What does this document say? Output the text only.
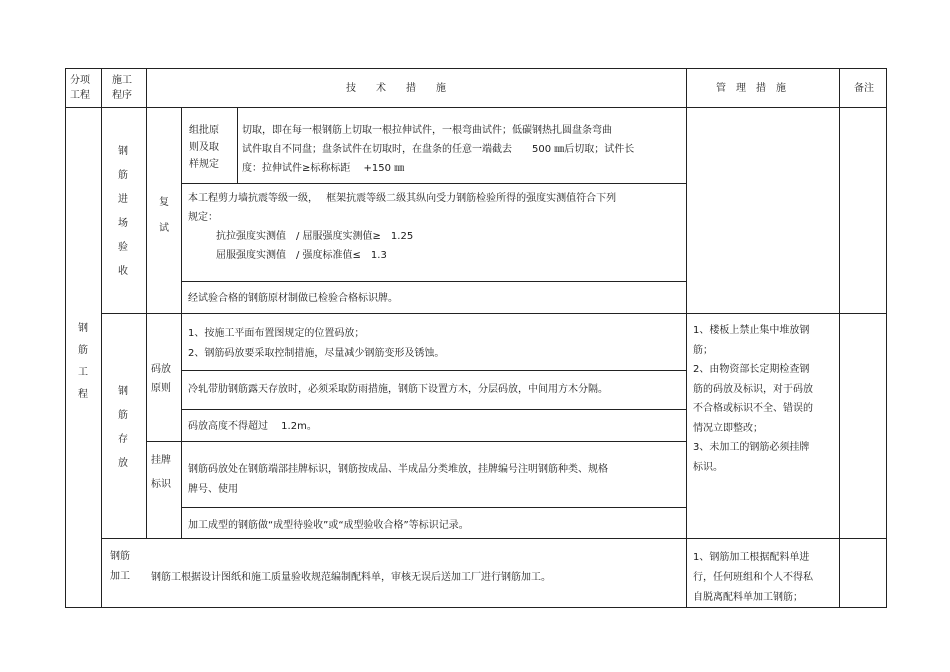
分项
工程
施工
程序
技　　术　　措　　施	管　理　措　施	备注
钢
筋
工
程
钢
筋
进
场
验
收
复
试
组批原
则及取
样规定
切取，即在每一根钢筋上切取一根拉伸试件，一根弯曲试件；低碳钢热扎圆盘条弯曲
试件取自不同盘；盘条试件在切取时，在盘条的任意一端截去　　500 ㎜后切取；试件长
度：拉伸试件≥标称标距　 +150 ㎜
本工程剪力墙抗震等级一级，　 框架抗震等级二级其纵向受力钢筋检验所得的强度实测值符合下列
规定：
抗拉强度实测值　/ 屈服强度实测值≥　1.25
屈服强度实测值　/ 强度标准值≤　1.3
经试验合格的钢筋原材制做已检验合格标识牌。
钢
筋
存
放
码放
原则
1、按施工平面布置图规定的位置码放；
2、钢筋码放要采取控制措施，尽量减少钢筋变形及锈蚀。
冷轧带肋钢筋露天存放时，必须采取防雨措施，钢筋下设置方木，分层码放，中间用方木分隔。
码放高度不得超过　 1.2m。
挂牌
标识
钢筋码放处在钢筋端部挂牌标识，钢筋按成品、半成品分类堆放，挂牌编号注明钢筋种类、规格
牌号、使用
加工成型的钢筋做“成型待验收”或“成型验收合格”等标识记录。
1、楼板上禁止集中堆放钢
筋；
2、由物资部长定期检查钢
筋的码放及标识，对于码放
不合格或标识不全、错误的
情况立即整改；
3、未加工的钢筋必须挂牌
标识。
钢筋
加工 钢筋工根据设计图纸和施工质量验收规范编制配料单，审核无误后送加工厂进行钢筋加工。
1、钢筋加工根据配料单进
行，任何班组和个人不得私
自脱离配料单加工钢筋；
